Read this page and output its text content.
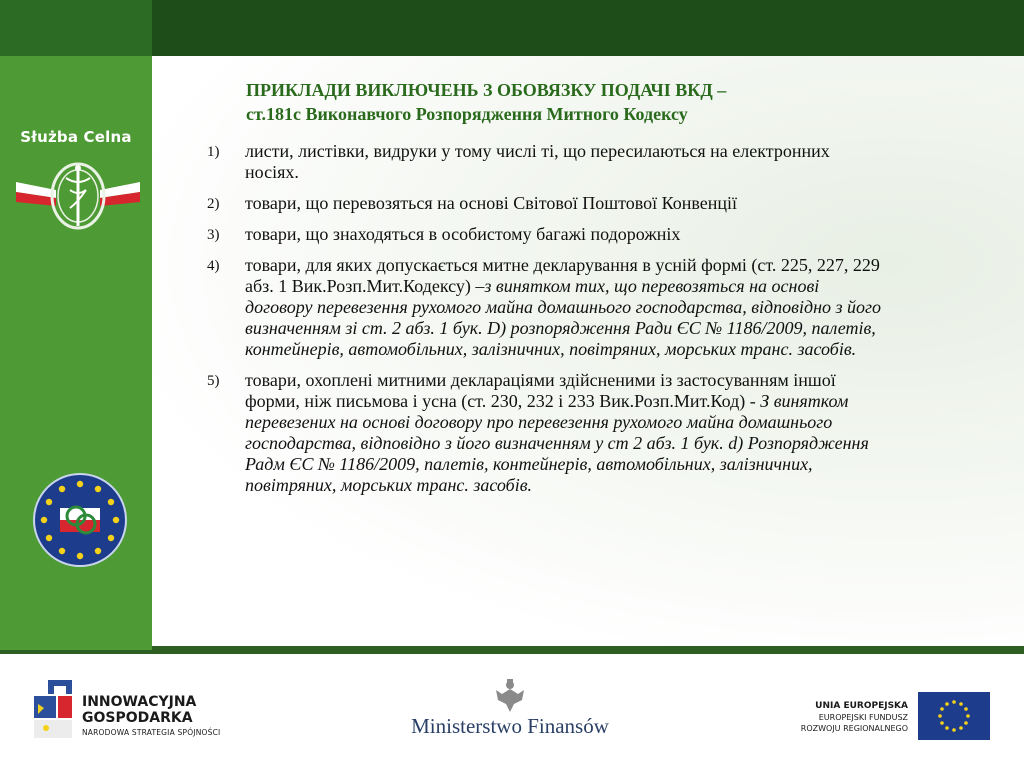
Służba Celna
ПРИКЛАДИ ВИКЛЮЧЕНЬ З ОБОВЯЗКУ ПОДАЧІ ВКД –
ст.181с Виконавчого Розпорядження Митного Кодексу
1) листи, листівки, видруки у тому числі ті, що пересилаються на електронних носіях.
2) товари, що перевозяться на основі Світової Поштової Конвенції
3) товари, що знаходяться в особистому багажі подорожніх
4) товари, для яких допускається митне декларування в усній формі (ст. 225, 227, 229 абз. 1 Вик.Розп.Мит.Кодексу) –з винятком тих, що перевозяться на основі договору перевезення рухомого майна домашнього господарства, відповідно з його визначенням зі ст. 2 абз. 1 бук. D) розпорядження Ради ЄС № 1186/2009, палетів, контейнерів, автомобільних, залізничних, повітряних, морських транс. засобів.
5) товари, охоплені митними деклараціями здійсненими із застосуванням іншої форми, ніж письмова і усна (ст. 230, 232 і 233 Вик.Розп.Мит.Код) - З винятком перевезених на основі договору про перевезення рухомого майна домашнього господарства, відповідно з його визначенням у ст 2 абз. 1 бук. d) Розпорядження Радм ЄС № 1186/2009, палетів, контейнерів, автомобільних, залізничних, повітряних, морських транс. засобів.
INNOWACYJNA
GOSPODARKA
NARODOWA STRATEGIA SPÓJNOŚCI	Ministerstwo Finansów
UNIA EUROPEJSKA
EUROPEJSKI FUNDUSZ
ROZWOJU REGIONALNEGO
